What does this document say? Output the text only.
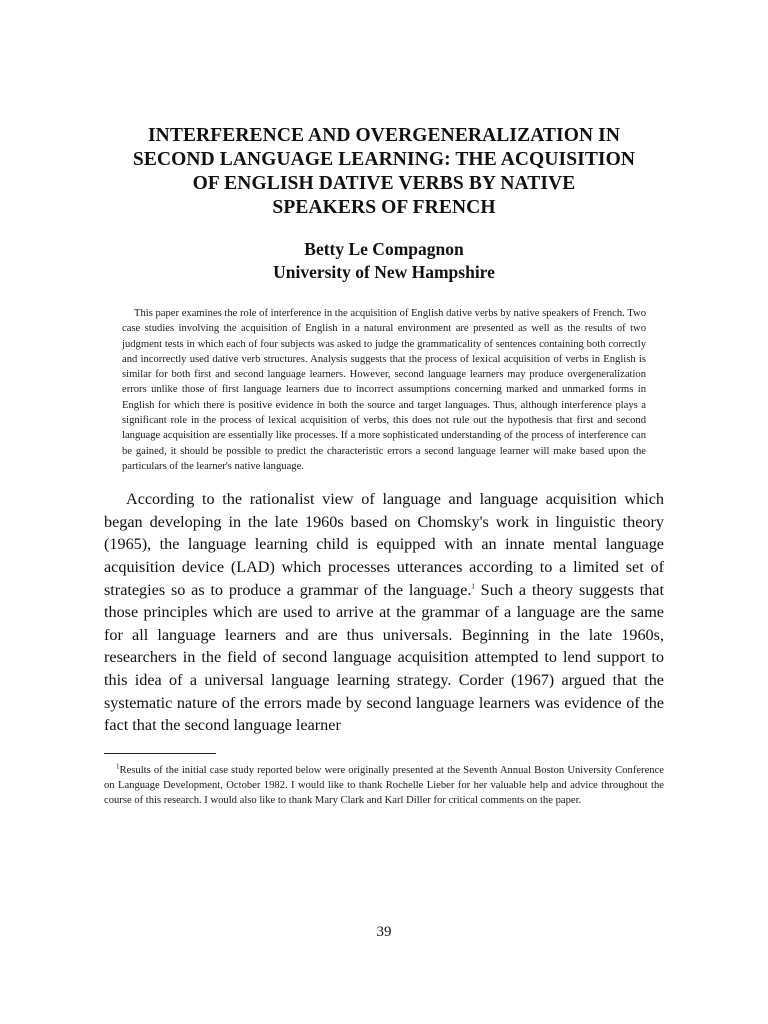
INTERFERENCE AND OVERGENERALIZATION IN
SECOND LANGUAGE LEARNING: THE ACQUISITION
OF ENGLISH DATIVE VERBS BY NATIVE
SPEAKERS OF FRENCH
Betty Le Compagnon
University of New Hampshire

This paper examines the role of interference in the acquisition of English dative verbs by native speakers of French. Two case studies involving the acquisition of English in a natural environment are presented as well as the results of two judgment tests in which each of four subjects was asked to judge the grammaticality of sentences containing both correctly and incorrectly used dative verb structures. Analysis suggests that the process of lexical acquisition of verbs in English is similar for both first and second language learners. However, second language learners may produce overgeneralization errors unlike those of first language learners due to incorrect assumptions concerning marked and unmarked forms in English for which there is positive evidence in both the source and target languages. Thus, although interference plays a significant role in the process of lexical acquisition of verbs, this does not rule out the hypothesis that first and second language acquisition are essentially like processes. If a more sophisticated understanding of the process of interference can be gained, it should be possible to predict the characteristic errors a second language learner will make based upon the particulars of the learner's native language.

According to the rationalist view of language and language acquisition which began developing in the late 1960s based on Chomsky's work in linguistic theory (1965), the language learning child is equipped with an innate mental language acquisition device (LAD) which processes utterances according to a limited set of strategies so as to produce a grammar of the language.$^1$ Such a theory suggests that those principles which are used to arrive at the grammar of a language are the same for all language learners and are thus universals. Beginning in the late 1960s, researchers in the field of second language acquisition attempted to lend support to this idea of a universal language learning strategy. Corder (1967) argued that the systematic nature of the errors made by second language learners was evidence of the fact that the second language learner

$^1$Results of the initial case study reported below were originally presented at the Seventh Annual Boston University Conference on Language Development, October 1982. I would like to thank Rochelle Lieber for her valuable help and advice throughout the course of this research. I would also like to thank Mary Clark and Karl Diller for critical comments on the paper.

39
